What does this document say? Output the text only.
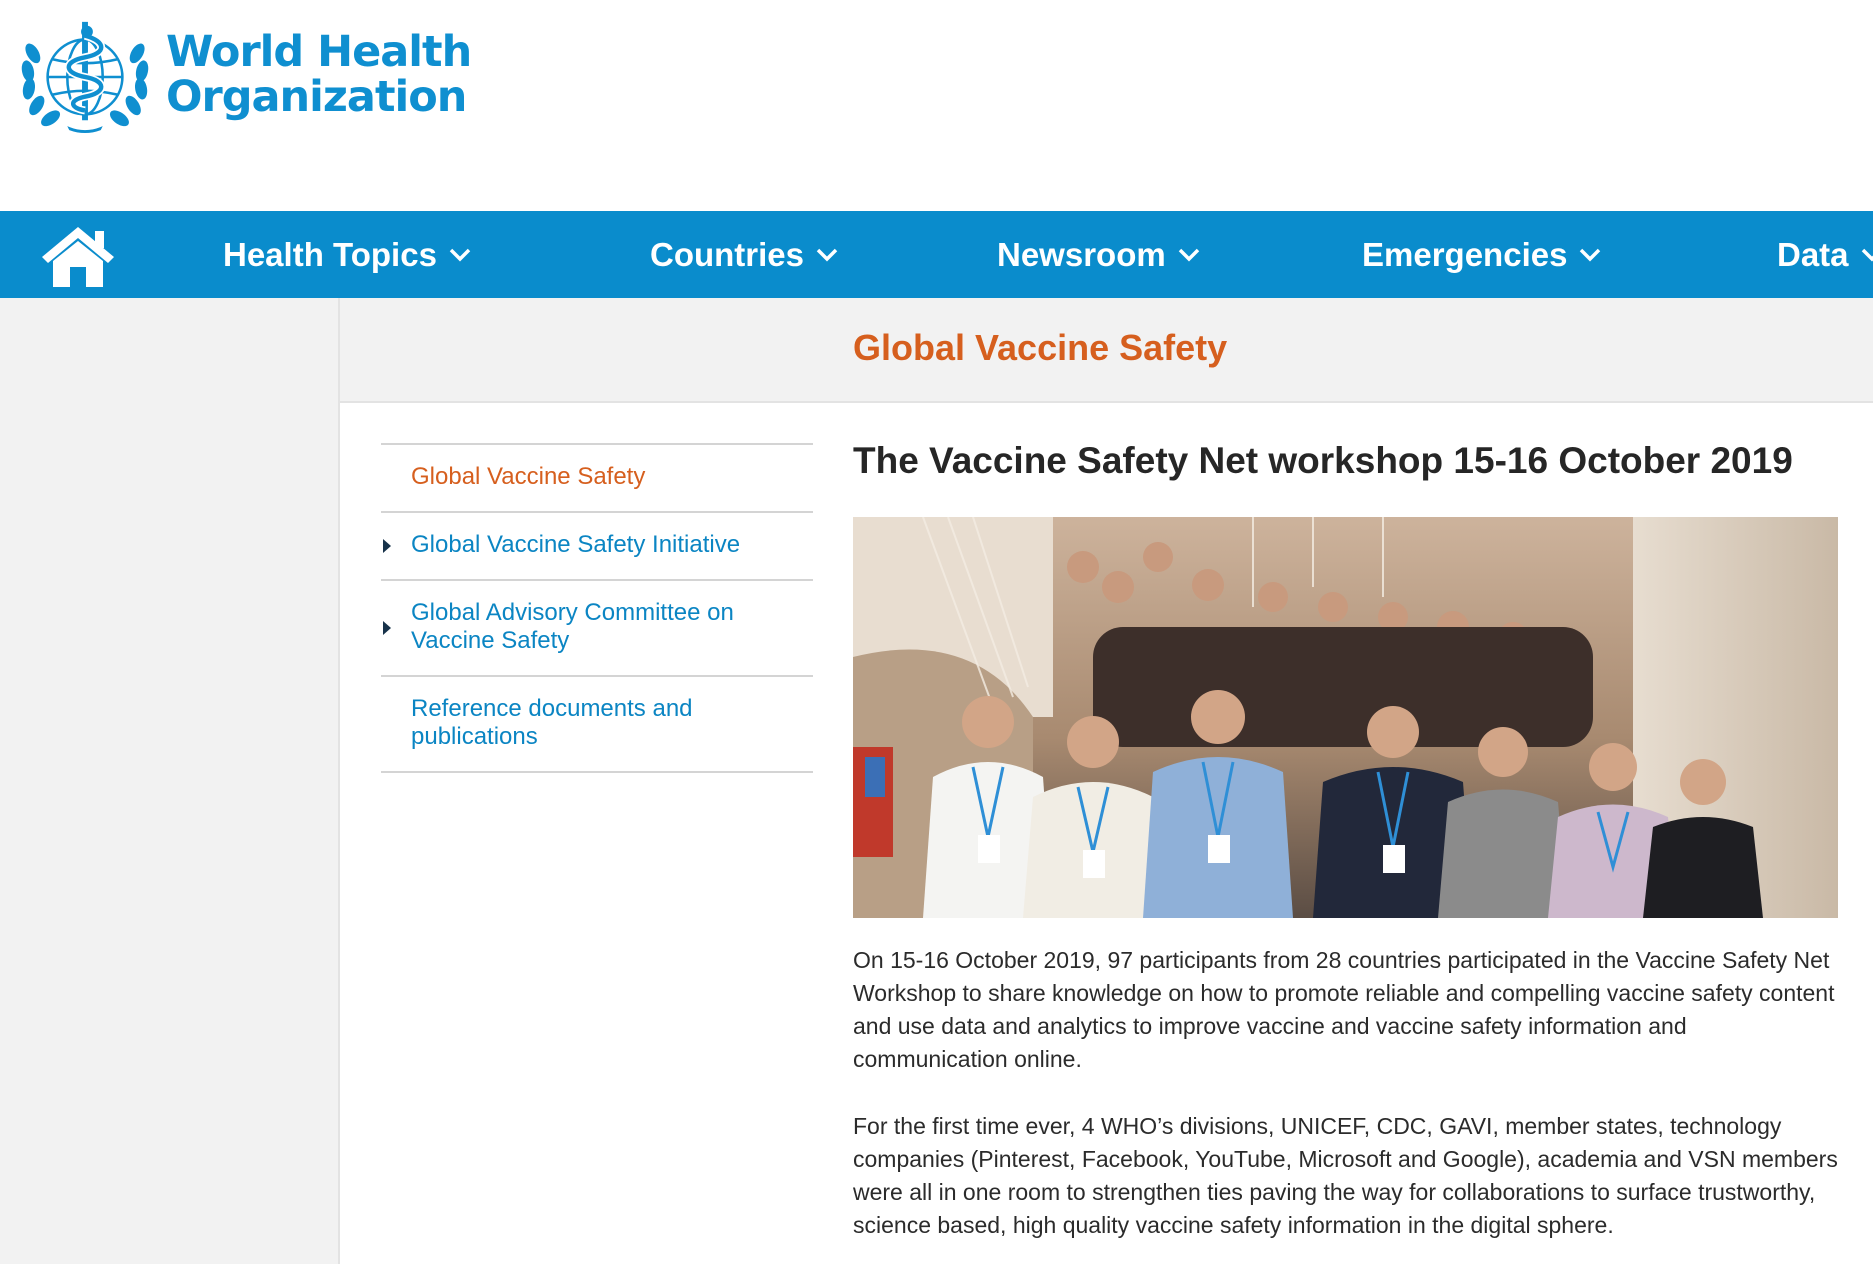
World Health
Organization
Health Topics	Countries	Newsroom	Emergencies	Data
Global Vaccine Safety
Global Vaccine Safety
Global Vaccine Safety Initiative
Global Advisory Committee on Vaccine Safety
Reference documents and publications
The Vaccine Safety Net workshop 15-16 October 2019

On 15-16 October 2019, 97 participants from 28 countries participated in the Vaccine Safety Net Workshop to share knowledge on how to promote reliable and compelling vaccine safety content and use data and analytics to improve vaccine and vaccine safety information and communication online.

For the first time ever, 4 WHO’s divisions, UNICEF, CDC, GAVI, member states, technology companies (Pinterest, Facebook, YouTube, Microsoft and Google), academia and VSN members were all in one room to strengthen ties paving the way for collaborations to surface trustworthy, science based, high quality vaccine safety information in the digital sphere.
